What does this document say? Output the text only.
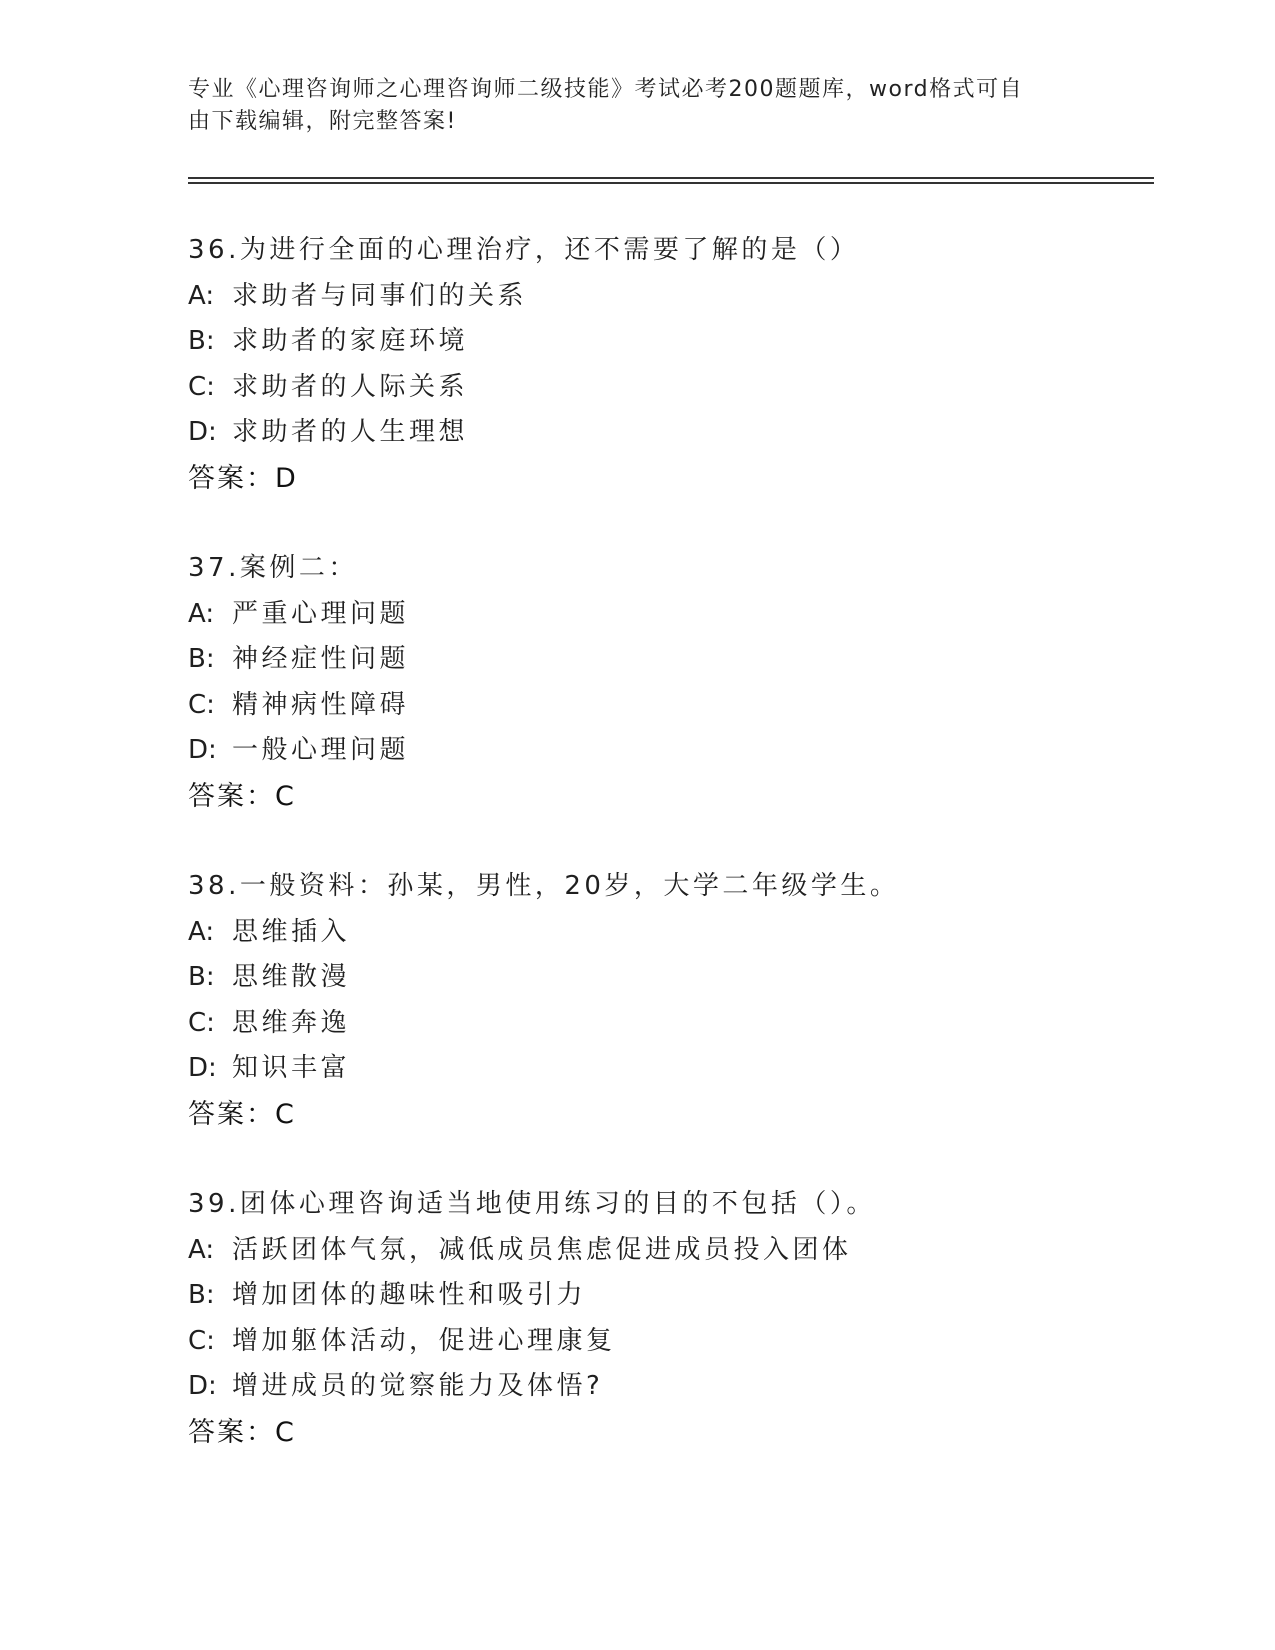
专业《心理咨询师之心理咨询师二级技能》考试必考200题题库，word格式可自
由下载编辑，附完整答案!
36.为进行全面的心理治疗，还不需要了解的是（）
A: 求助者与同事们的关系
B: 求助者的家庭环境
C: 求助者的人际关系
D: 求助者的人生理想
答案：D
37.案例二：
A: 严重心理问题
B: 神经症性问题
C: 精神病性障碍
D: 一般心理问题
答案：C
38.一般资料：孙某，男性，20岁，大学二年级学生。
A: 思维插入
B: 思维散漫
C: 思维奔逸
D: 知识丰富
答案：C
39.团体心理咨询适当地使用练习的目的不包括（）。
A: 活跃团体气氛，减低成员焦虑促进成员投入团体
B: 增加团体的趣味性和吸引力
C: 增加躯体活动，促进心理康复
D: 增进成员的觉察能力及体悟?
答案：C
